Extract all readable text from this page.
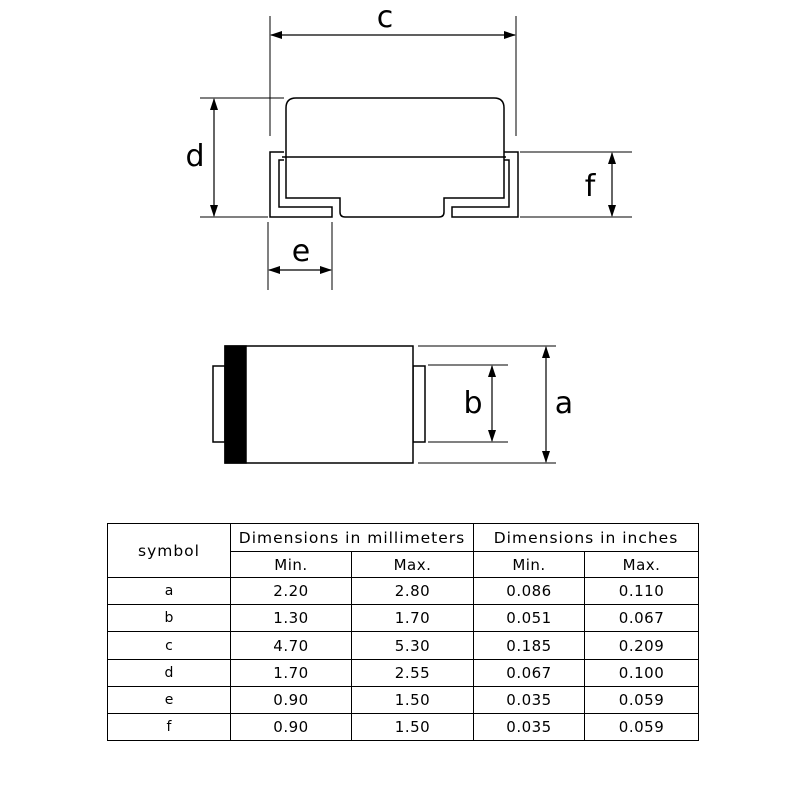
c
d
f
e
b a
symbol	Dimensions in millimeters		Dimensions in inches	
	Min.	Max.	Min.	Max.
a	2.20	2.80	0.086	0.110
b	1.30	1.70	0.051	0.067
c	4.70	5.30	0.185	0.209
d	1.70	2.55	0.067	0.100
e	0.90	1.50	0.035	0.059
f	0.90	1.50	0.035	0.059
